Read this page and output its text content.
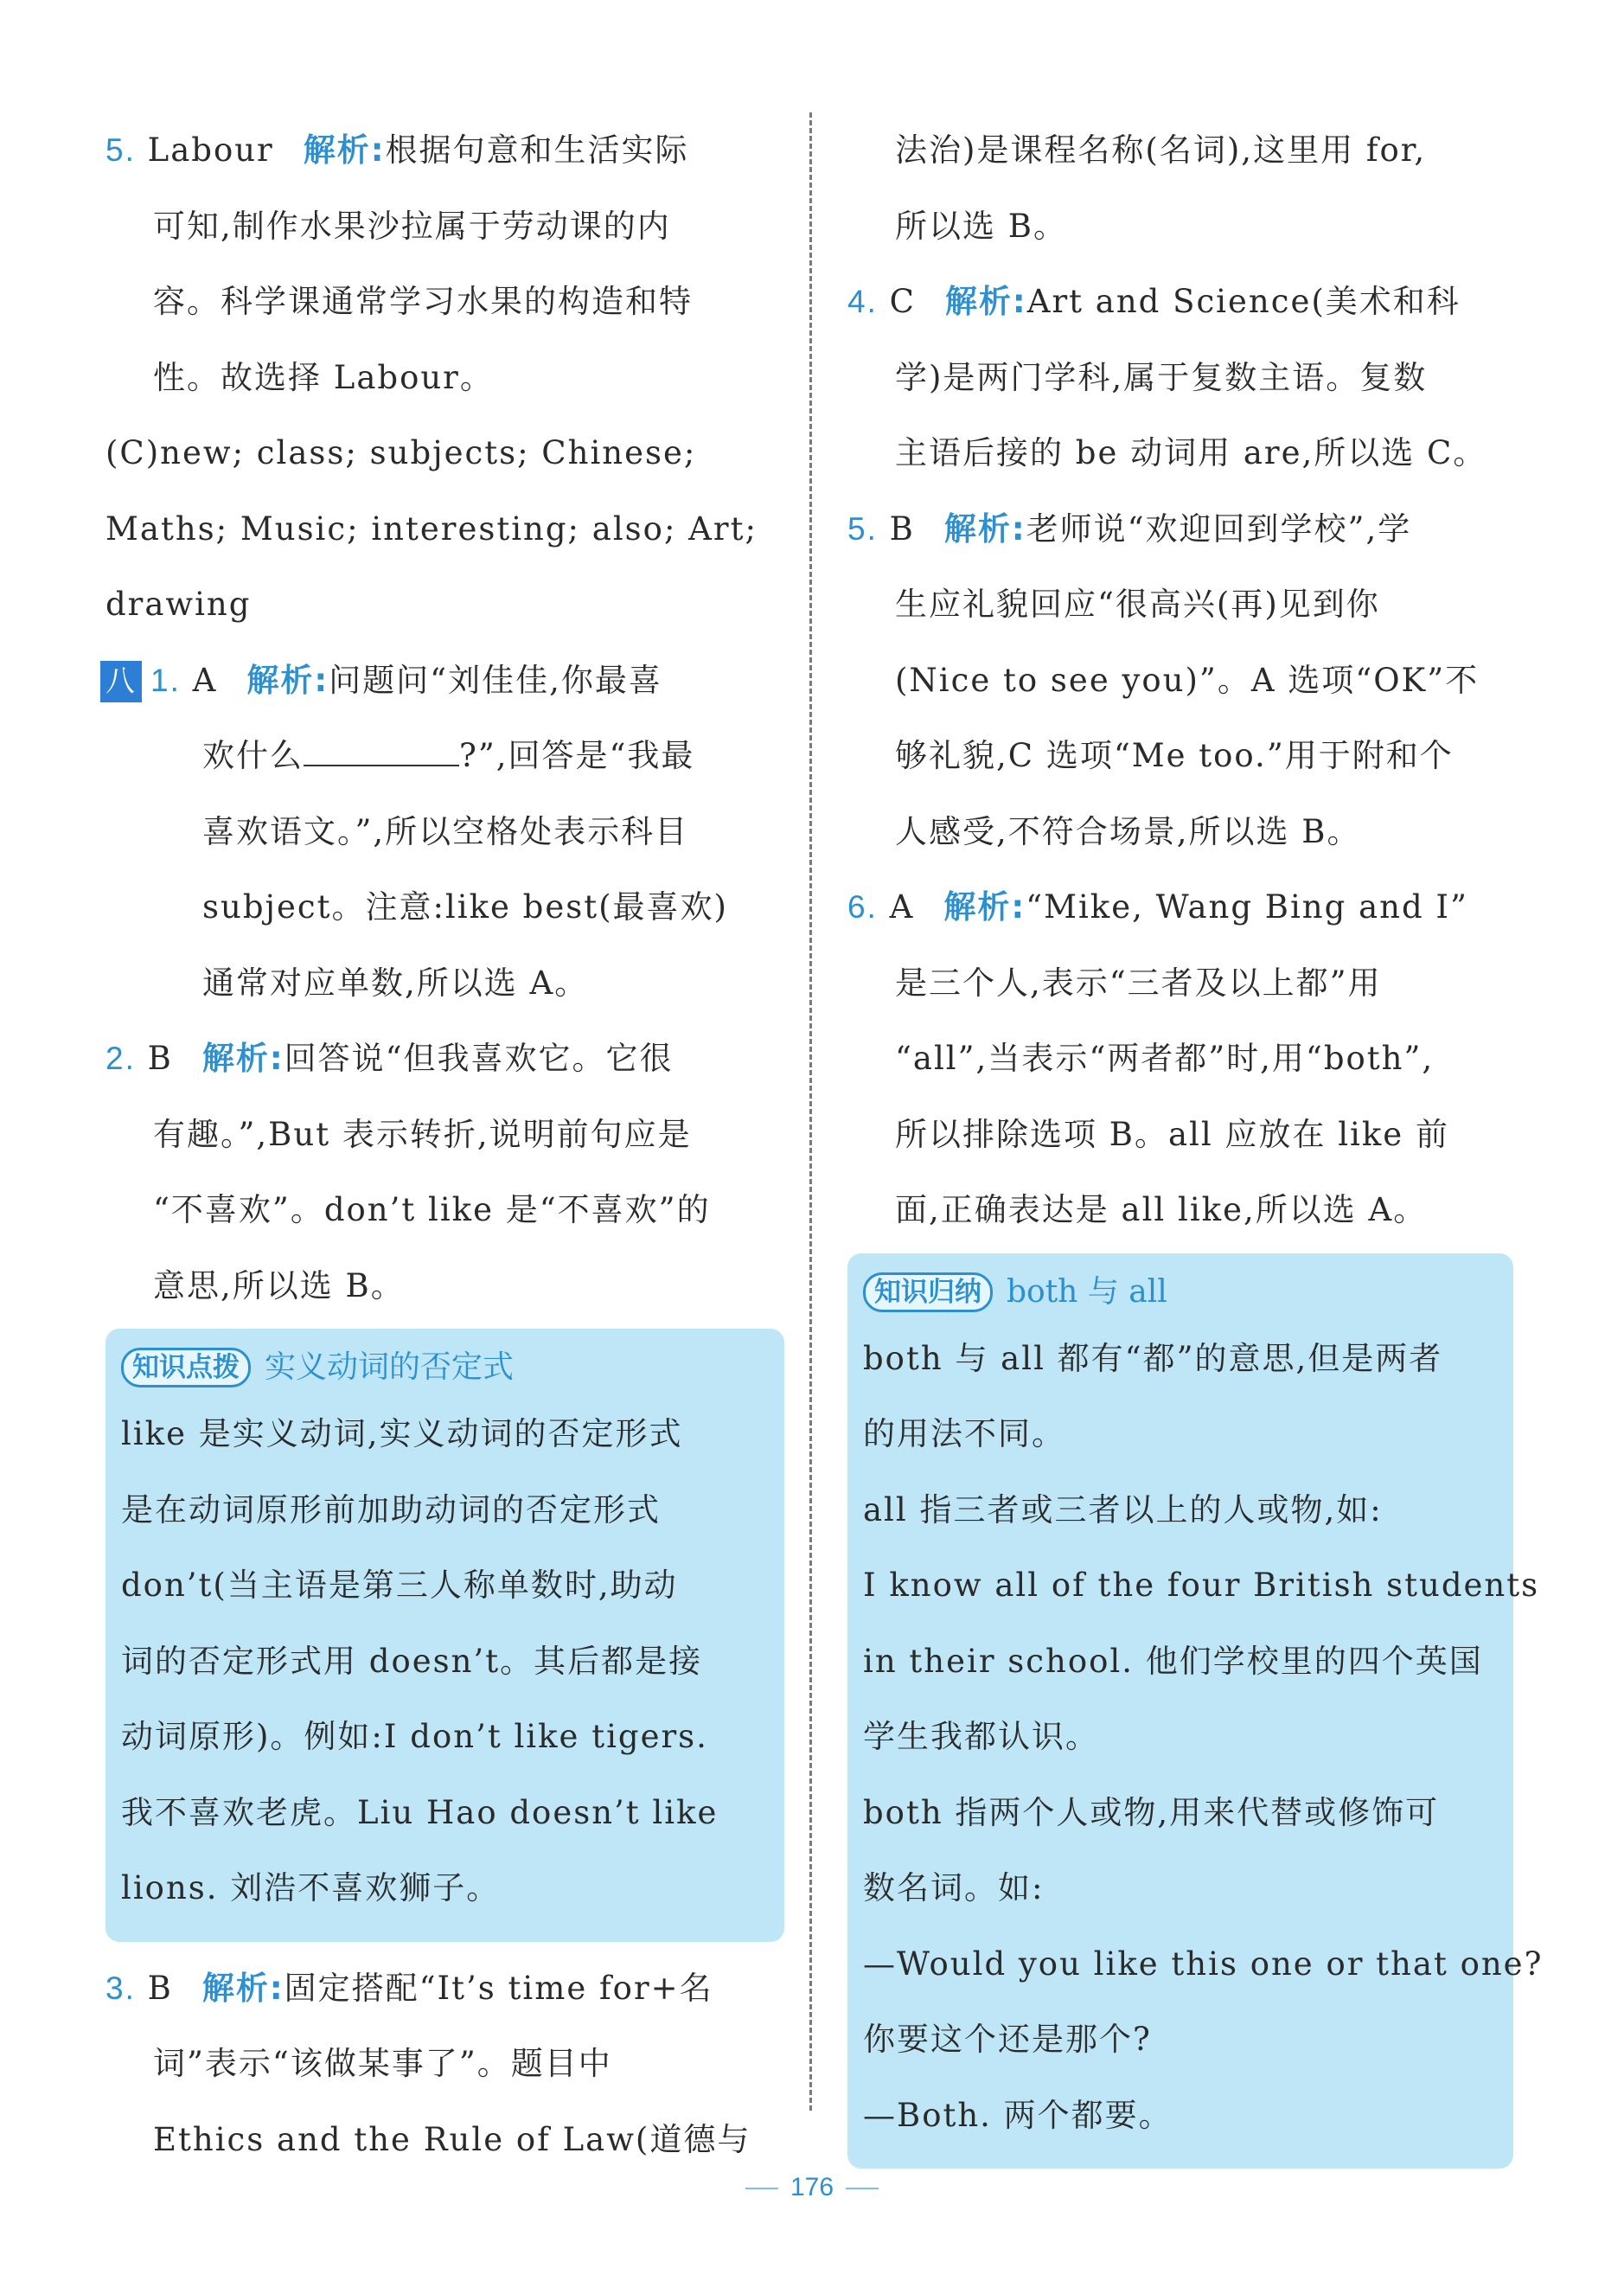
5. Labour 解析:根据句意和生活实际
可知,制作水果沙拉属于劳动课的内
容。科学课通常学习水果的构造和特
性。故选择 Labour。
(C)new; class; subjects; Chinese;
Maths; Music; interesting; also; Art;
drawing
八 1. A 解析:问题问“刘佳佳,你最喜
欢什么	?”,回答是“我最
喜欢语文。”,所以空格处表示科目
subject。注意:like best(最喜欢)
通常对应单数,所以选 A。
2. B 解析:回答说“但我喜欢它。它很
有趣。”,But 表示转折,说明前句应是
“不喜欢”。don’t like 是“不喜欢”的
意思,所以选 B。
知识点拨 实义动词的否定式
like 是实义动词,实义动词的否定形式
是在动词原形前加助动词的否定形式
don’t(当主语是第三人称单数时,助动
词的否定形式用 doesn’t。其后都是接
动词原形)。例如:I don’t like tigers.
我不喜欢老虎。Liu Hao doesn’t like
lions. 刘浩不喜欢狮子。
3. B 解析:固定搭配“It’s time for+名
词”表示“该做某事了”。题目中
Ethics and the Rule of Law(道德与
法治)是课程名称(名词),这里用 for,
所以选 B。
4. C 解析:Art and Science(美术和科
学)是两门学科,属于复数主语。复数
主语后接的 be 动词用 are,所以选 C。
5. B 解析:老师说“欢迎回到学校”,学
生应礼貌回应“很高兴(再)见到你
(Nice to see you)”。A 选项“OK”不
够礼貌,C 选项“Me too.”用于附和个
人感受,不符合场景,所以选 B。
6. A 解析:“Mike, Wang Bing and I”
是三个人,表示“三者及以上都”用
“all”,当表示“两者都”时,用“both”,
所以排除选项 B。all 应放在 like 前
面,正确表达是 all like,所以选 A。
知识归纳 both 与 all
both 与 all 都有“都”的意思,但是两者
的用法不同。
all 指三者或三者以上的人或物,如:
I know all of the four British students
in their school. 他们学校里的四个英国
学生我都认识。
both 指两个人或物,用来代替或修饰可
数名词。如:
—Would you like this one or that one?
你要这个还是那个?
—Both. 两个都要。
176
